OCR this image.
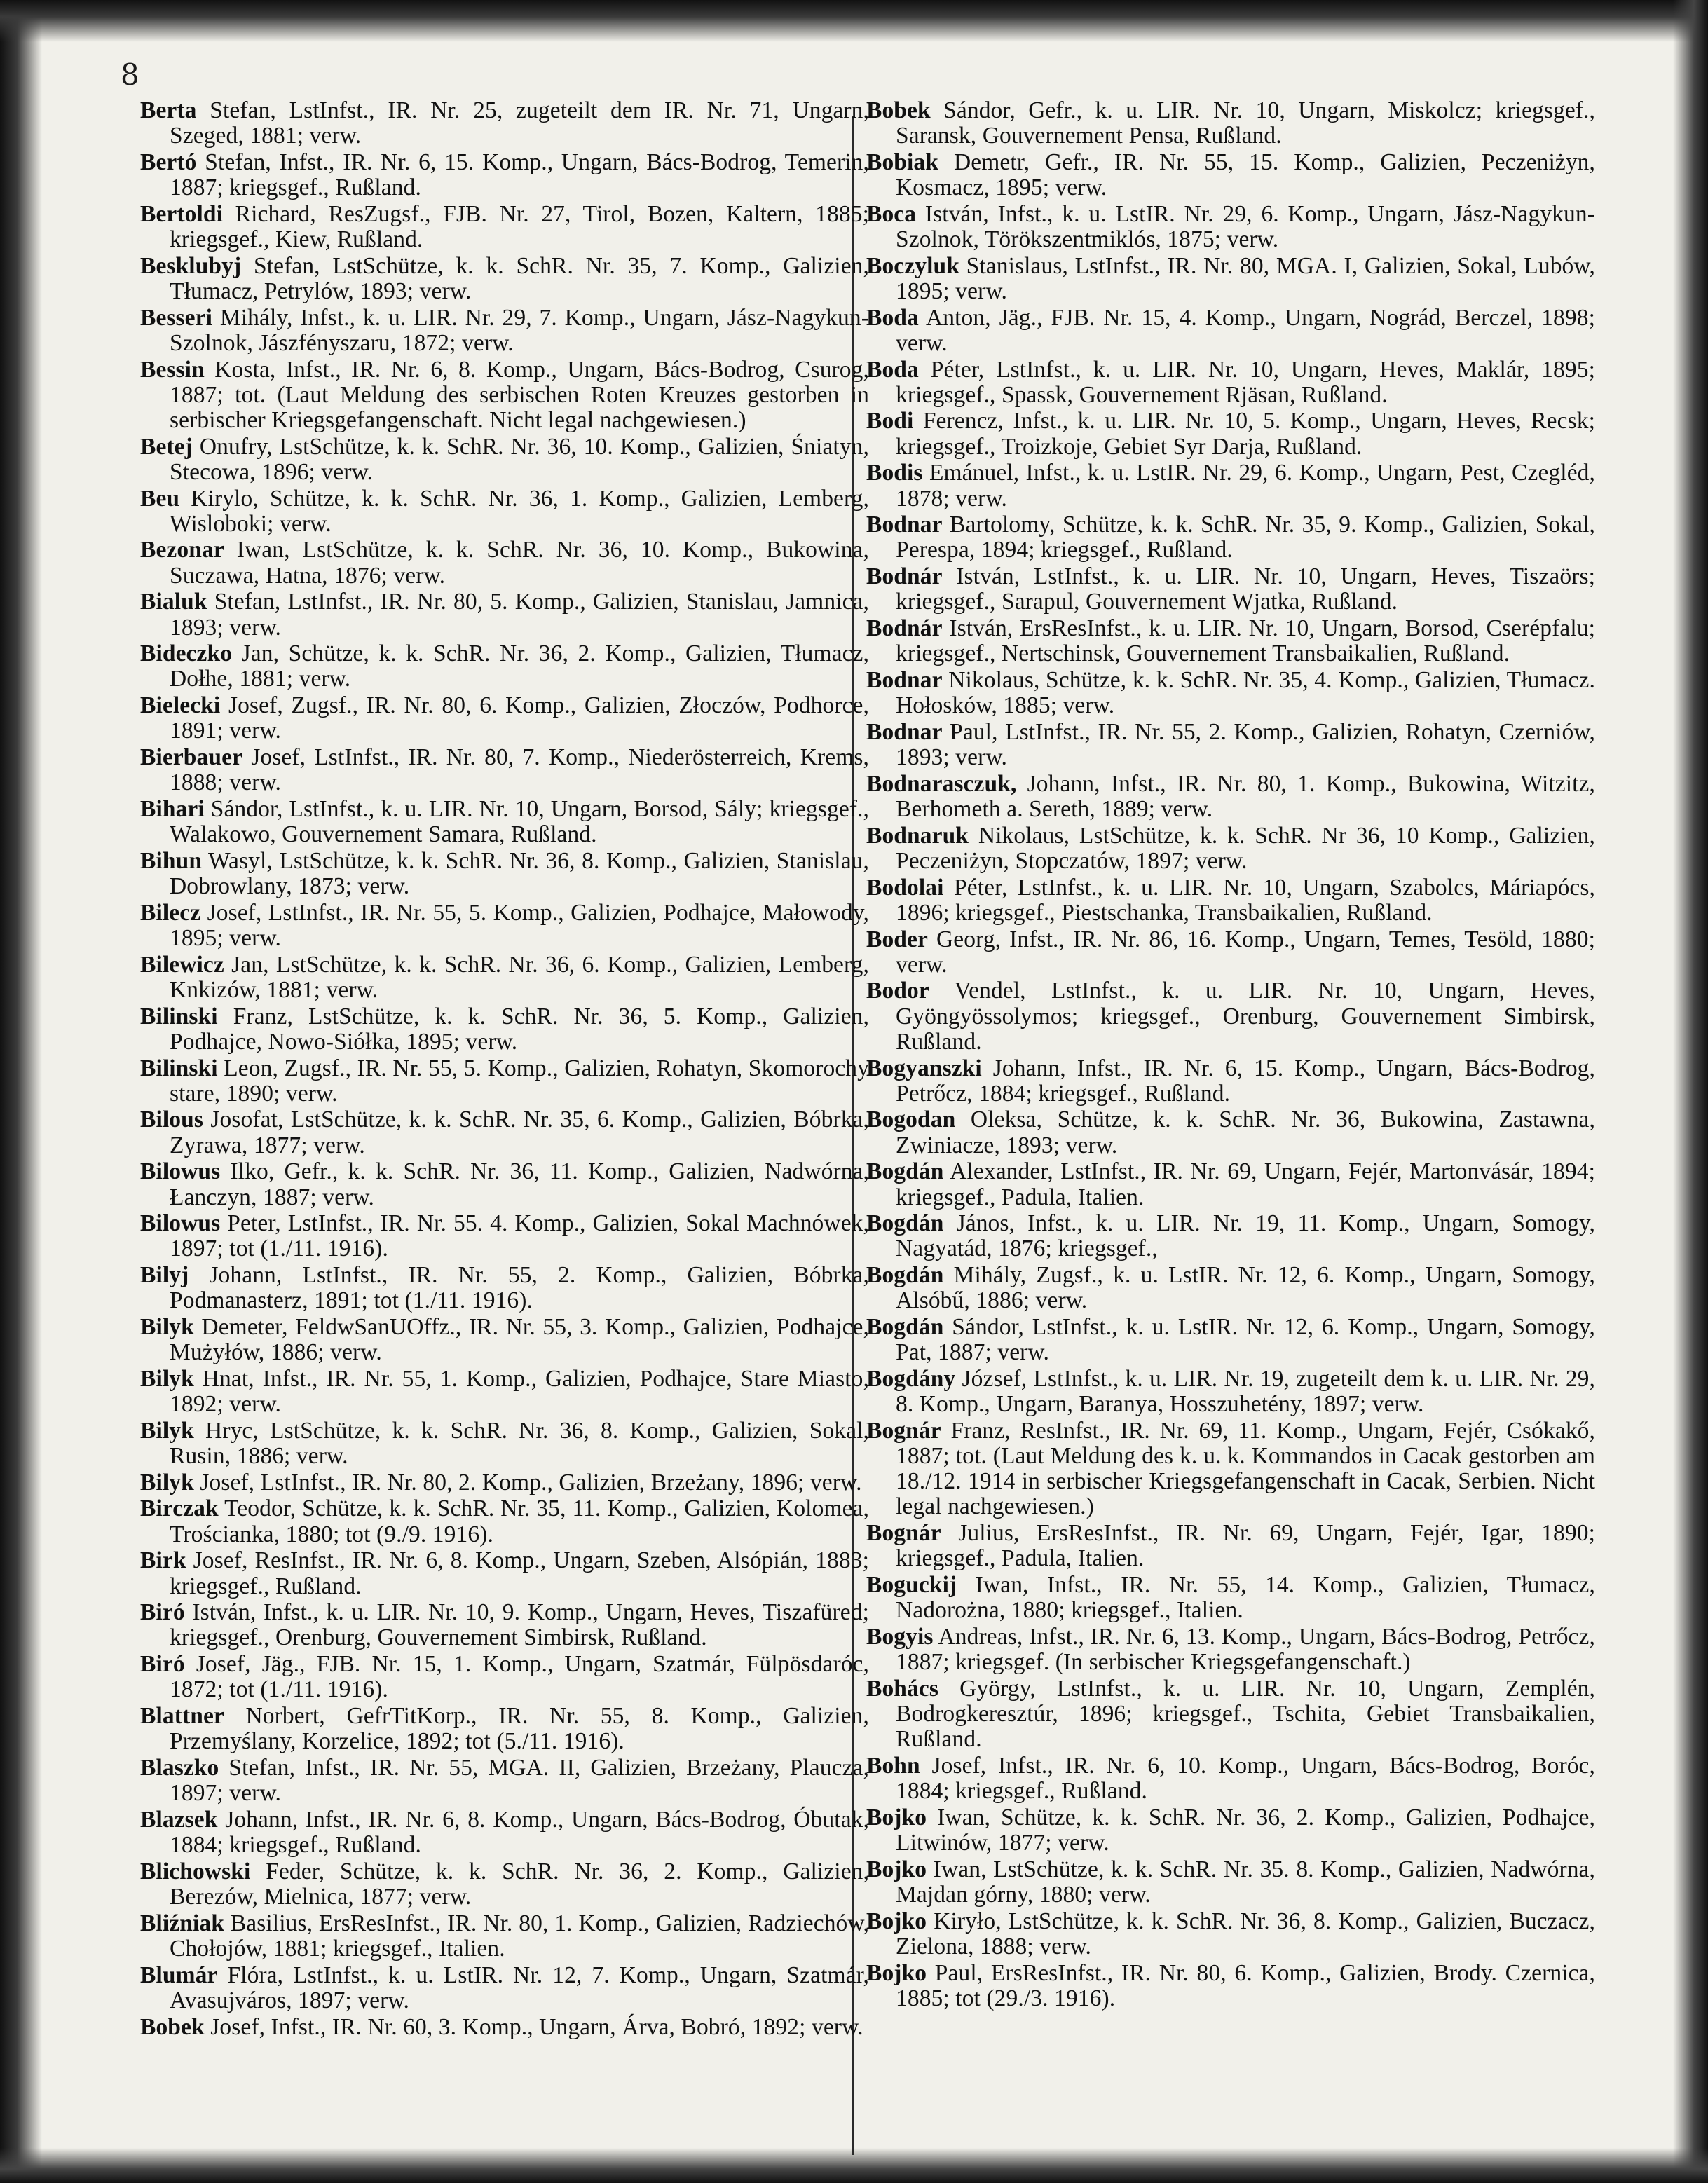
8

Berta Stefan, LstInfst., IR. Nr. 25, zugeteilt dem IR. Nr. 71, Ungarn, Szeged, 1881; verw.

Bertó Stefan, Infst., IR. Nr. 6, 15. Komp., Ungarn, Bács-Bodrog, Temerin, 1887; kriegsgef., Rußland.

Bertoldi Richard, ResZugsf., FJB. Nr. 27, Tirol, Bozen, Kaltern, 1885; kriegsgef., Kiew, Rußland.

Besklubyj Stefan, LstSchütze, k. k. SchR. Nr. 35, 7. Komp., Galizien, Tłumacz, Petrylów, 1893; verw.

Besseri Mihály, Infst., k. u. LIR. Nr. 29, 7. Komp., Ungarn, Jász-Nagykun-Szolnok, Jászfényszaru, 1872; verw.

Bessin Kosta, Infst., IR. Nr. 6, 8. Komp., Ungarn, Bács-Bodrog, Csurog, 1887; tot. (Laut Meldung des serbischen Roten Kreuzes gestorben in serbischer Kriegsgefangenschaft. Nicht legal nachgewiesen.)

Betej Onufry, LstSchütze, k. k. SchR. Nr. 36, 10. Komp., Galizien, Śniatyn, Stecowa, 1896; verw.

Beu Kirylo, Schütze, k. k. SchR. Nr. 36, 1. Komp., Galizien, Lemberg, Wisloboki; verw.

Bezonar Iwan, LstSchütze, k. k. SchR. Nr. 36, 10. Komp., Bukowina, Suczawa, Hatna, 1876; verw.

Bialuk Stefan, LstInfst., IR. Nr. 80, 5. Komp., Galizien, Stanislau, Jamnica, 1893; verw.

Bideczko Jan, Schütze, k. k. SchR. Nr. 36, 2. Komp., Galizien, Tłumacz, Dołhe, 1881; verw.

Bielecki Josef, Zugsf., IR. Nr. 80, 6. Komp., Galizien, Złoczów, Podhorce, 1891; verw.

Bierbauer Josef, LstInfst., IR. Nr. 80, 7. Komp., Niederösterreich, Krems, 1888; verw.

Bihari Sándor, LstInfst., k. u. LIR. Nr. 10, Ungarn, Borsod, Sály; kriegsgef., Walakowo, Gouvernement Samara, Rußland.

Bihun Wasyl, LstSchütze, k. k. SchR. Nr. 36, 8. Komp., Galizien, Stanislau, Dobrowlany, 1873; verw.

Bilecz Josef, LstInfst., IR. Nr. 55, 5. Komp., Galizien, Podhajce, Małowody, 1895; verw.

Bilewicz Jan, LstSchütze, k. k. SchR. Nr. 36, 6. Komp., Galizien, Lemberg, Knkizów, 1881; verw.

Bilinski Franz, LstSchütze, k. k. SchR. Nr. 36, 5. Komp., Galizien, Podhajce, Nowo-Siółka, 1895; verw.

Bilinski Leon, Zugsf., IR. Nr. 55, 5. Komp., Galizien, Rohatyn, Skomorochy stare, 1890; verw.

Bilous Josofat, LstSchütze, k. k. SchR. Nr. 35, 6. Komp., Galizien, Bóbrka, Zyrawa, 1877; verw.

Bilowus Ilko, Gefr., k. k. SchR. Nr. 36, 11. Komp., Galizien, Nadwórna, Łanczyn, 1887; verw.

Bilowus Peter, LstInfst., IR. Nr. 55. 4. Komp., Galizien, Sokal Machnówek, 1897; tot (1./11. 1916).

Bilyj Johann, LstInfst., IR. Nr. 55, 2. Komp., Galizien, Bóbrka, Podmanasterz, 1891; tot (1./11. 1916).

Bilyk Demeter, FeldwSanUOffz., IR. Nr. 55, 3. Komp., Galizien, Podhajce, Mużyłów, 1886; verw.

Bilyk Hnat, Infst., IR. Nr. 55, 1. Komp., Galizien, Podhajce, Stare Miasto, 1892; verw.

Bilyk Hryc, LstSchütze, k. k. SchR. Nr. 36, 8. Komp., Galizien, Sokal, Rusin, 1886; verw.

Bilyk Josef, LstInfst., IR. Nr. 80, 2. Komp., Galizien, Brzeżany, 1896; verw.

Birczak Teodor, Schütze, k. k. SchR. Nr. 35, 11. Komp., Galizien, Kolomea, Trościanka, 1880; tot (9./9. 1916).

Birk Josef, ResInfst., IR. Nr. 6, 8. Komp., Ungarn, Szeben, Alsópián, 1883; kriegsgef., Rußland.

Biró István, Infst., k. u. LIR. Nr. 10, 9. Komp., Ungarn, Heves, Tiszafüred; kriegsgef., Orenburg, Gouvernement Simbirsk, Rußland.

Biró Josef, Jäg., FJB. Nr. 15, 1. Komp., Ungarn, Szatmár, Fülpösdaróc, 1872; tot (1./11. 1916).

Blattner Norbert, GefrTitKorp., IR. Nr. 55, 8. Komp., Galizien, Przemyślany, Korzelice, 1892; tot (5./11. 1916).

Blaszko Stefan, Infst., IR. Nr. 55, MGA. II, Galizien, Brzeżany, Plaucza, 1897; verw.

Blazsek Johann, Infst., IR. Nr. 6, 8. Komp., Ungarn, Bács-Bodrog, Óbutak, 1884; kriegsgef., Rußland.

Blichowski Feder, Schütze, k. k. SchR. Nr. 36, 2. Komp., Galizien, Berezów, Mielnica, 1877; verw.

Bliźniak Basilius, ErsResInfst., IR. Nr. 80, 1. Komp., Galizien, Radziechów, Chołojów, 1881; kriegsgef., Italien.

Blumár Flóra, LstInfst., k. u. LstIR. Nr. 12, 7. Komp., Ungarn, Szatmár, Avasujváros, 1897; verw.

Bobek Josef, Infst., IR. Nr. 60, 3. Komp., Ungarn, Árva, Bobró, 1892; verw.

Bobek Sándor, Gefr., k. u. LIR. Nr. 10, Ungarn, Miskolcz; kriegsgef., Saransk, Gouvernement Pensa, Rußland.

Bobiak Demetr, Gefr., IR. Nr. 55, 15. Komp., Galizien, Peczeniżyn, Kosmacz, 1895; verw.

Boca István, Infst., k. u. LstIR. Nr. 29, 6. Komp., Ungarn, Jász-Nagykun-Szolnok, Törökszentmiklós, 1875; verw.

Boczyluk Stanislaus, LstInfst., IR. Nr. 80, MGA. I, Galizien, Sokal, Lubów, 1895; verw.

Boda Anton, Jäg., FJB. Nr. 15, 4. Komp., Ungarn, Nográd, Berczel, 1898; verw.

Boda Péter, LstInfst., k. u. LIR. Nr. 10, Ungarn, Heves, Maklár, 1895; kriegsgef., Spassk, Gouvernement Rjäsan, Rußland.

Bodi Ferencz, Infst., k. u. LIR. Nr. 10, 5. Komp., Ungarn, Heves, Recsk; kriegsgef., Troizkoje, Gebiet Syr Darja, Rußland.

Bodis Emánuel, Infst., k. u. LstIR. Nr. 29, 6. Komp., Ungarn, Pest, Czegléd, 1878; verw.

Bodnar Bartolomy, Schütze, k. k. SchR. Nr. 35, 9. Komp., Galizien, Sokal, Perespa, 1894; kriegsgef., Rußland.

Bodnár István, LstInfst., k. u. LIR. Nr. 10, Ungarn, Heves, Tiszaörs; kriegsgef., Sarapul, Gouvernement Wjatka, Rußland.

Bodnár István, ErsResInfst., k. u. LIR. Nr. 10, Ungarn, Borsod, Cserépfalu; kriegsgef., Nertschinsk, Gouvernement Transbaikalien, Rußland.

Bodnar Nikolaus, Schütze, k. k. SchR. Nr. 35, 4. Komp., Galizien, Tłumacz. Hołosków, 1885; verw.

Bodnar Paul, LstInfst., IR. Nr. 55, 2. Komp., Galizien, Rohatyn, Czerniów, 1893; verw.

Bodnarasczuk, Johann, Infst., IR. Nr. 80, 1. Komp., Bukowina, Witzitz, Berhometh a. Sereth, 1889; verw.

Bodnaruk Nikolaus, LstSchütze, k. k. SchR. Nr 36, 10 Komp., Galizien, Peczeniżyn, Stopczatów, 1897; verw.

Bodolai Péter, LstInfst., k. u. LIR. Nr. 10, Ungarn, Szabolcs, Máriapócs, 1896; kriegsgef., Piestschanka, Transbaikalien, Rußland.

Boder Georg, Infst., IR. Nr. 86, 16. Komp., Ungarn, Temes, Tesöld, 1880; verw.

Bodor Vendel, LstInfst., k. u. LIR. Nr. 10, Ungarn, Heves, Gyöngyössolymos; kriegsgef., Orenburg, Gouvernement Simbirsk, Rußland.

Bogyanszki Johann, Infst., IR. Nr. 6, 15. Komp., Ungarn, Bács-Bodrog, Petrőcz, 1884; kriegsgef., Rußland.

Bogodan Oleksa, Schütze, k. k. SchR. Nr. 36, Bukowina, Zastawna, Zwiniacze, 1893; verw.

Bogdán Alexander, LstInfst., IR. Nr. 69, Ungarn, Fejér, Martonvásár, 1894; kriegsgef., Padula, Italien.

Bogdán János, Infst., k. u. LIR. Nr. 19, 11. Komp., Ungarn, Somogy, Nagyatád, 1876; kriegsgef.,

Bogdán Mihály, Zugsf., k. u. LstIR. Nr. 12, 6. Komp., Ungarn, Somogy, Alsóbű, 1886; verw.

Bogdán Sándor, LstInfst., k. u. LstIR. Nr. 12, 6. Komp., Ungarn, Somogy, Pat, 1887; verw.

Bogdány József, LstInfst., k. u. LIR. Nr. 19, zugeteilt dem k. u. LIR. Nr. 29, 8. Komp., Ungarn, Baranya, Hosszuhetény, 1897; verw.

Bognár Franz, ResInfst., IR. Nr. 69, 11. Komp., Ungarn, Fejér, Csókakő, 1887; tot. (Laut Meldung des k. u. k. Kommandos in Cacak gestorben am 18./12. 1914 in serbischer Kriegsgefangenschaft in Cacak, Serbien. Nicht legal nachgewiesen.)

Bognár Julius, ErsResInfst., IR. Nr. 69, Ungarn, Fejér, Igar, 1890; kriegsgef., Padula, Italien.

Boguckij Iwan, Infst., IR. Nr. 55, 14. Komp., Galizien, Tłumacz, Nadorożna, 1880; kriegsgef., Italien.

Bogyis Andreas, Infst., IR. Nr. 6, 13. Komp., Ungarn, Bács-Bodrog, Petrőcz, 1887; kriegsgef. (In serbischer Kriegsgefangenschaft.)

Bohács György, LstInfst., k. u. LIR. Nr. 10, Ungarn, Zemplén, Bodrogkeresztúr, 1896; kriegsgef., Tschita, Gebiet Transbaikalien, Rußland.

Bohn Josef, Infst., IR. Nr. 6, 10. Komp., Ungarn, Bács-Bodrog, Boróc, 1884; kriegsgef., Rußland.

Bojko Iwan, Schütze, k. k. SchR. Nr. 36, 2. Komp., Galizien, Podhajce, Litwinów, 1877; verw.

Bojko Iwan, LstSchütze, k. k. SchR. Nr. 35. 8. Komp., Galizien, Nadwórna, Majdan górny, 1880; verw.

Bojko Kiryło, LstSchütze, k. k. SchR. Nr. 36, 8. Komp., Galizien, Buczacz, Zielona, 1888; verw.

Bojko Paul, ErsResInfst., IR. Nr. 80, 6. Komp., Galizien, Brody. Czernica, 1885; tot (29./3. 1916).
